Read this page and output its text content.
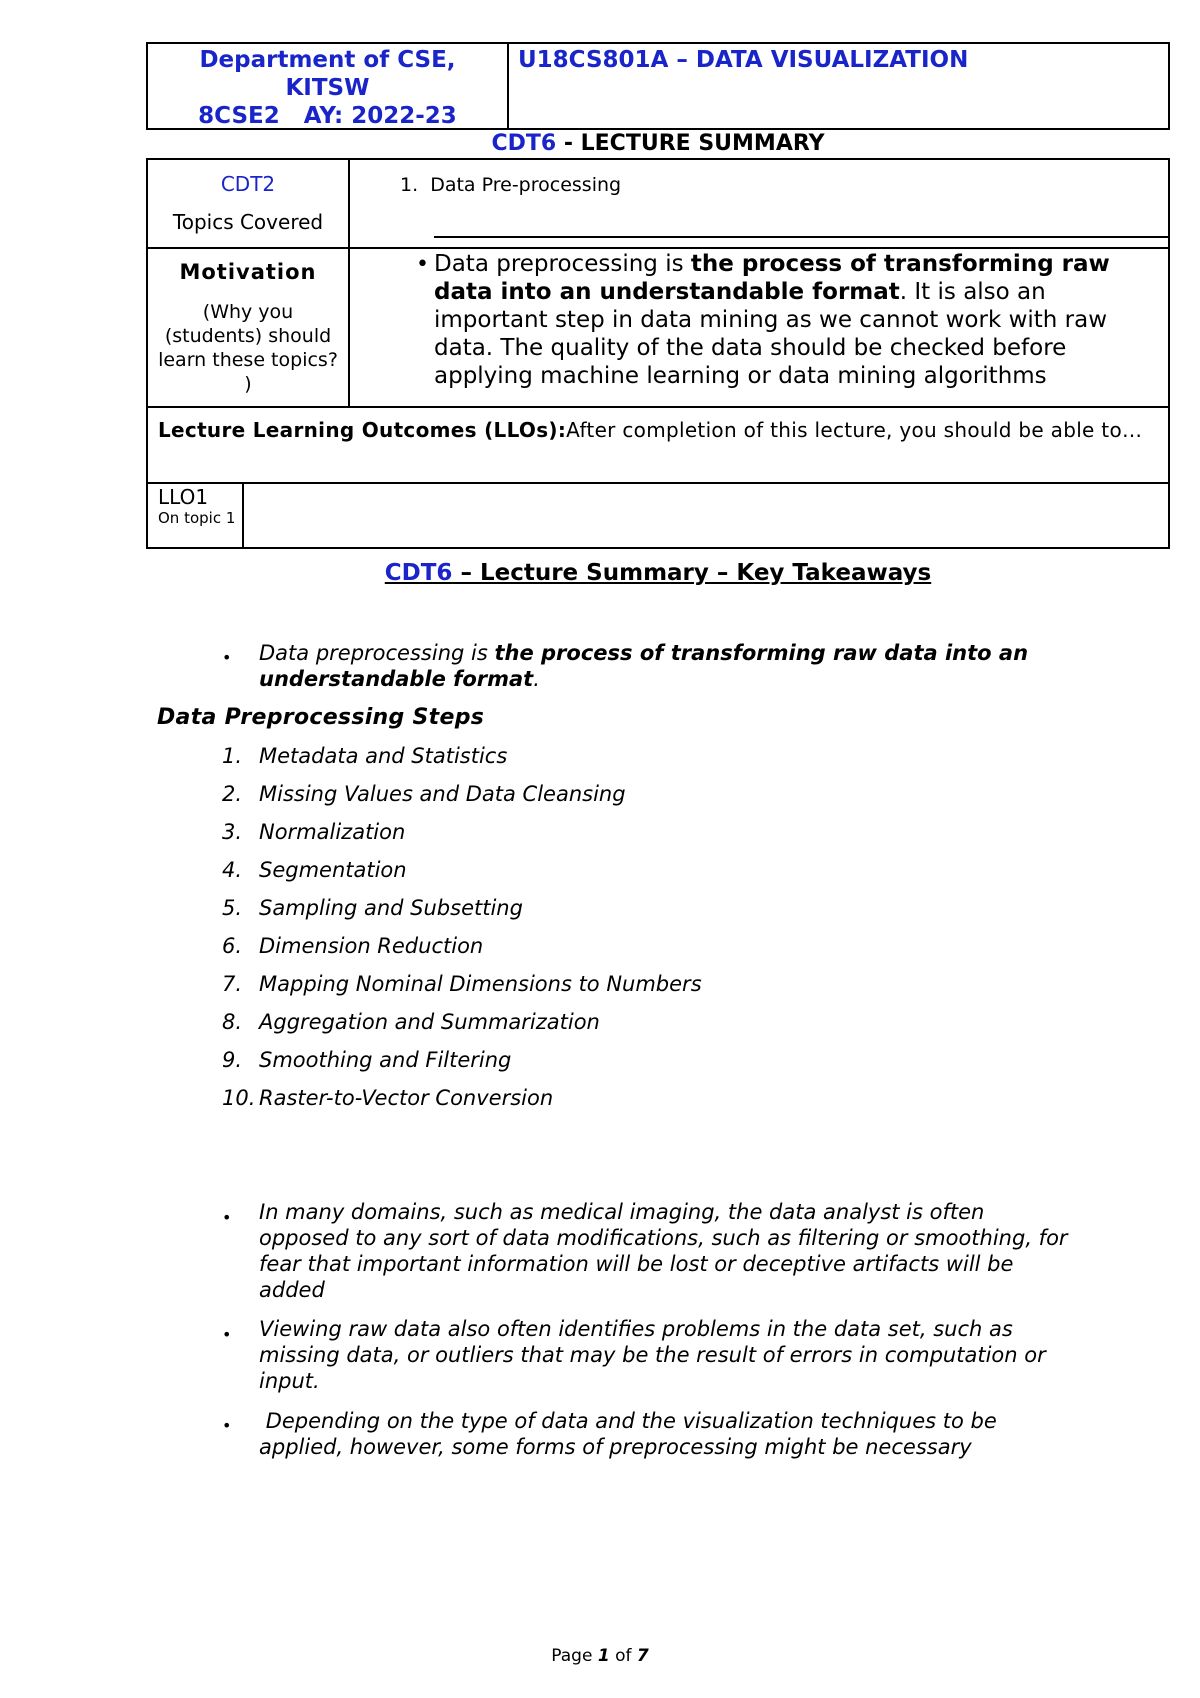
Department of CSE,
KITSW
8CSE2   AY: 2022-23
U18CS801A – DATA VISUALIZATION
CDT6 - LECTURE SUMMARY
CDT2
Topics Covered
1.  Data Pre-processing
Motivation
(Why you (students) should learn these topics? )
• Data preprocessing is the process of transforming raw data into an understandable format. It is also an important step in data mining as we cannot work with raw data. The quality of the data should be checked before applying machine learning or data mining algorithms
Lecture Learning Outcomes (LLOs):After completion of this lecture, you should be able to…
LLO1
On topic 1
CDT6 – Lecture Summary – Key Takeaways
• Data preprocessing is the process of transforming raw data into an understandable format.
Data Preprocessing Steps
1. Metadata and Statistics
2. Missing Values and Data Cleansing
3. Normalization
4. Segmentation
5. Sampling and Subsetting
6. Dimension Reduction
7. Mapping Nominal Dimensions to Numbers
8. Aggregation and Summarization
9. Smoothing and Filtering
10. Raster-to-Vector Conversion
• In many domains, such as medical imaging, the data analyst is often opposed to any sort of data modifications, such as filtering or smoothing, for fear that important information will be lost or deceptive artifacts will be added
• Viewing raw data also often identifies problems in the data set, such as missing data, or outliers that may be the result of errors in computation or input.
• Depending on the type of data and the visualization techniques to be applied, however, some forms of preprocessing might be necessary
Page 1 of 7
